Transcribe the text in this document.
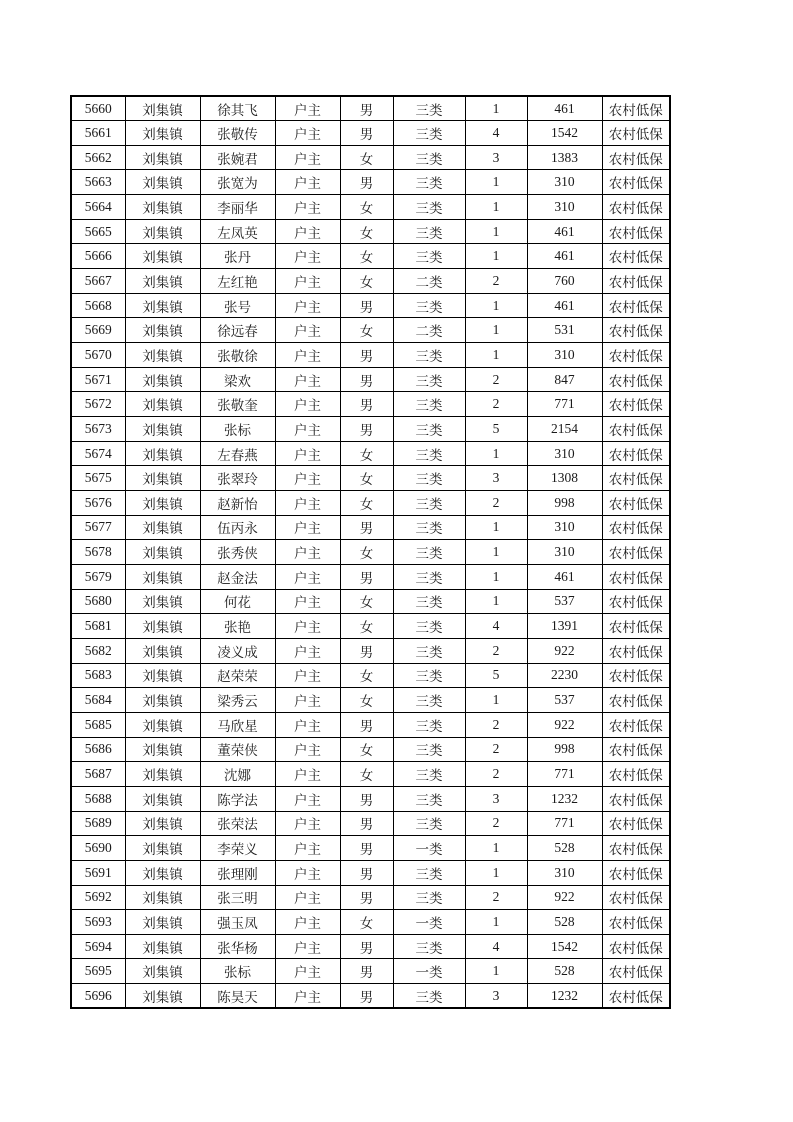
5660	刘集镇	徐其飞	户主	男	三类	1	461	农村低保
5661	刘集镇	张敬传	户主	男	三类	4	1542	农村低保
5662	刘集镇	张婉君	户主	女	三类	3	1383	农村低保
5663	刘集镇	张宽为	户主	男	三类	1	310	农村低保
5664	刘集镇	李丽华	户主	女	三类	1	310	农村低保
5665	刘集镇	左凤英	户主	女	三类	1	461	农村低保
5666	刘集镇	张丹	户主	女	三类	1	461	农村低保
5667	刘集镇	左红艳	户主	女	二类	2	760	农村低保
5668	刘集镇	张号	户主	男	三类	1	461	农村低保
5669	刘集镇	徐远春	户主	女	二类	1	531	农村低保
5670	刘集镇	张敬徐	户主	男	三类	1	310	农村低保
5671	刘集镇	梁欢	户主	男	三类	2	847	农村低保
5672	刘集镇	张敬奎	户主	男	三类	2	771	农村低保
5673	刘集镇	张标	户主	男	三类	5	2154	农村低保
5674	刘集镇	左春燕	户主	女	三类	1	310	农村低保
5675	刘集镇	张翠玲	户主	女	三类	3	1308	农村低保
5676	刘集镇	赵新怡	户主	女	三类	2	998	农村低保
5677	刘集镇	伍丙永	户主	男	三类	1	310	农村低保
5678	刘集镇	张秀侠	户主	女	三类	1	310	农村低保
5679	刘集镇	赵金法	户主	男	三类	1	461	农村低保
5680	刘集镇	何花	户主	女	三类	1	537	农村低保
5681	刘集镇	张艳	户主	女	三类	4	1391	农村低保
5682	刘集镇	凌义成	户主	男	三类	2	922	农村低保
5683	刘集镇	赵荣荣	户主	女	三类	5	2230	农村低保
5684	刘集镇	梁秀云	户主	女	三类	1	537	农村低保
5685	刘集镇	马欣星	户主	男	三类	2	922	农村低保
5686	刘集镇	董荣侠	户主	女	三类	2	998	农村低保
5687	刘集镇	沈娜	户主	女	三类	2	771	农村低保
5688	刘集镇	陈学法	户主	男	三类	3	1232	农村低保
5689	刘集镇	张荣法	户主	男	三类	2	771	农村低保
5690	刘集镇	李荣义	户主	男	一类	1	528	农村低保
5691	刘集镇	张理刚	户主	男	三类	1	310	农村低保
5692	刘集镇	张三明	户主	男	三类	2	922	农村低保
5693	刘集镇	强玉凤	户主	女	一类	1	528	农村低保
5694	刘集镇	张华杨	户主	男	三类	4	1542	农村低保
5695	刘集镇	张标	户主	男	一类	1	528	农村低保
5696	刘集镇	陈昊天	户主	男	三类	3	1232	农村低保
